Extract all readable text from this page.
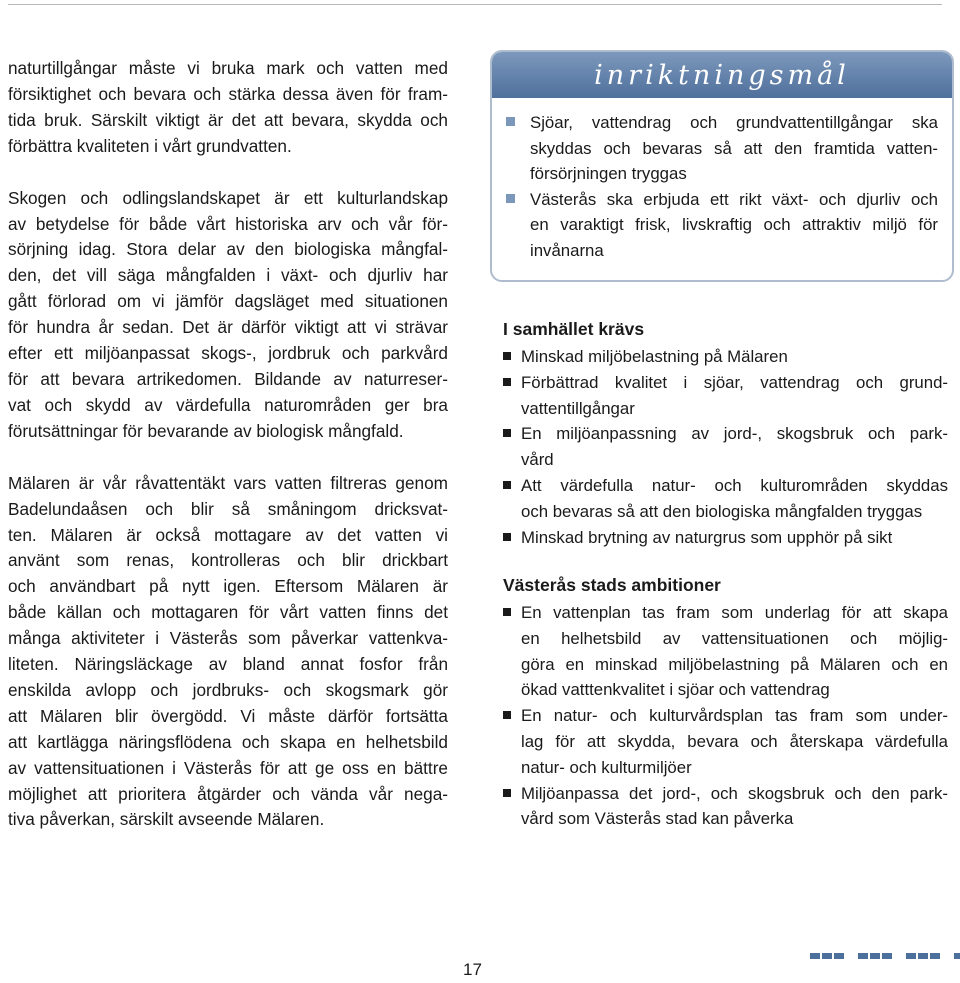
naturtillgångar måste vi bruka mark och vatten med
försiktighet och bevara och stärka dessa även för fram-
tida bruk. Särskilt viktigt är det att bevara, skydda och
förbättra kvaliteten i vårt grundvatten.

Skogen och odlingslandskapet är ett kulturlandskap
av betydelse för både vårt historiska arv och vår för-
sörjning idag. Stora delar av den biologiska mångfal-
den, det vill säga mångfalden i växt- och djurliv har
gått förlorad om vi jämför dagsläget med situationen
för hundra år sedan. Det är därför viktigt att vi strävar
efter ett miljöanpassat skogs-, jordbruk och parkvård
för att bevara artrikedomen. Bildande av naturreser-
vat och skydd av värdefulla naturområden ger bra
förutsättningar för bevarande av biologisk mångfald.

Mälaren är vår råvattentäkt vars vatten filtreras genom
Badelundaåsen och blir så småningom dricksvat-
ten. Mälaren är också mottagare av det vatten vi
använt som renas, kontrolleras och blir drickbart
och användbart på nytt igen. Eftersom Mälaren är
både källan och mottagaren för vårt vatten finns det
många aktiviteter i Västerås som påverkar vattenkva-
liteten. Näringsläckage av bland annat fosfor från
enskilda avlopp och jordbruks- och skogsmark gör
att Mälaren blir övergödd. Vi måste därför fortsätta
att kartlägga näringsflödena och skapa en helhetsbild
av vattensituationen i Västerås för att ge oss en bättre
möjlighet att prioritera åtgärder och vända vår nega-
tiva påverkan, särskilt avseende Mälaren.

inriktningsmål
Sjöar, vattendrag och grundvattentillgångar ska
skyddas och bevaras så att den framtida vatten-
försörjningen tryggas
Västerås ska erbjuda ett rikt växt- och djurliv och
en varaktigt frisk, livskraftig och attraktiv miljö för
invånarna
I samhället krävs
Minskad miljöbelastning på Mälaren
Förbättrad kvalitet i sjöar, vattendrag och grund-
vattentillgångar
En miljöanpassning av jord-, skogsbruk och park-
vård
Att värdefulla natur- och kulturområden skyddas
och bevaras så att den biologiska mångfalden tryggas
Minskad brytning av naturgrus som upphör på sikt
Västerås stads ambitioner
En vattenplan tas fram som underlag för att skapa
en helhetsbild av vattensituationen och möjlig-
göra en minskad miljöbelastning på Mälaren och en
ökad vatttenkvalitet i sjöar och vattendrag
En natur- och kulturvårdsplan tas fram som under-
lag för att skydda, bevara och återskapa värdefulla
natur- och kulturmiljöer
Miljöanpassa det jord-, och skogsbruk och den park-
vård som Västerås stad kan påverka
17
